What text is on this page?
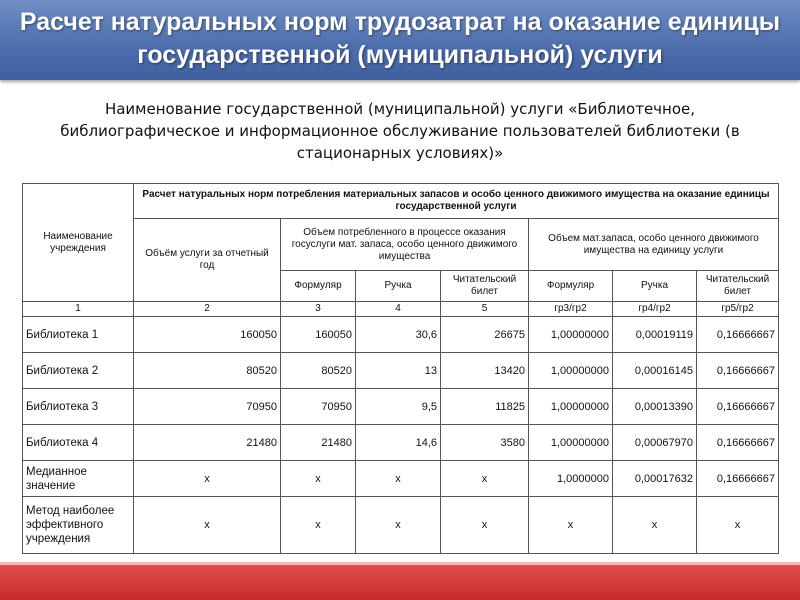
Расчет натуральных норм трудозатрат на оказание единицы государственной (муниципальной) услуги
Наименование государственной (муниципальной) услуги «Библиотечное, библиографическое и информационное обслуживание пользователей библиотеки (в стационарных условиях)»
Наименование учреждения	Расчет натуральных норм потребления материальных запасов и особо ценного движимого имущества на оказание единицы государственной услуги						
	Объём услуги за отчетный год	Объем потребленного в процессе оказания госуслуги мат. запаса, особо ценного движимого имущества			Объем мат.запаса, особо ценного движимого имущества на единицу услуги		
		Формуляр	Ручка	Читательский билет	Формуляр	Ручка	Читательский билет
1	2	3	4	5	гр3/гр2	гр4/гр2	гр5/гр2
Библиотека 1	160050	160050	30,6	26675	1,00000000	0,00019119	0,16666667
Библиотека 2	80520	80520	13	13420	1,00000000	0,00016145	0,16666667
Библиотека 3	70950	70950	9,5	11825	1,00000000	0,00013390	0,16666667
Библиотека 4	21480	21480	14,6	3580	1,00000000	0,00067970	0,16666667
Медианное значение	x	x	x	x	1,0000000	0,00017632	0,16666667
Метод наиболее эффективного учреждения	x	x	x	x	x	x	x
